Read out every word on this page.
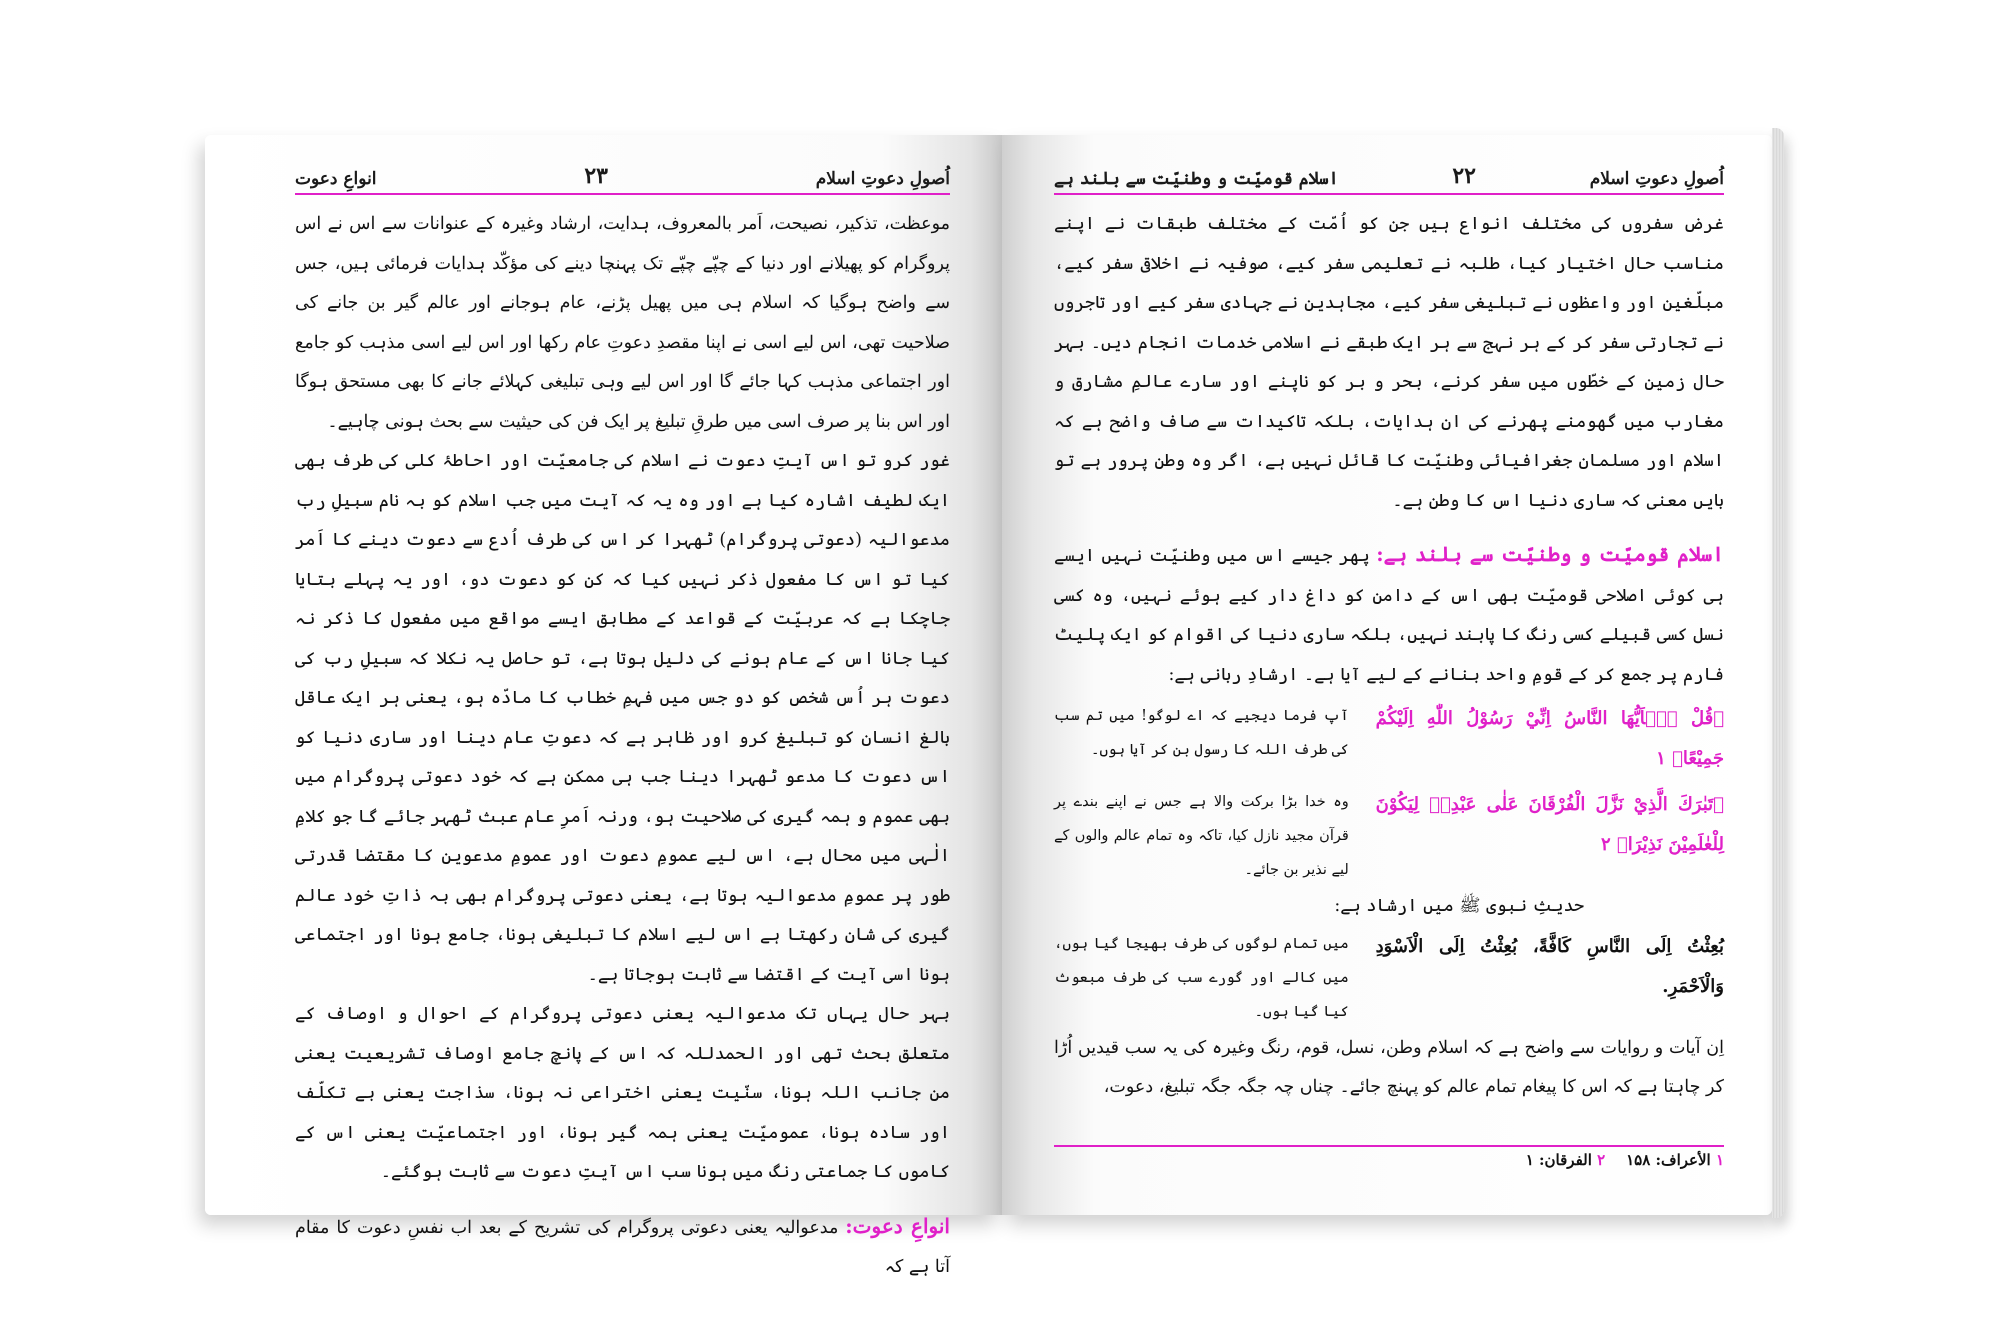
اُصولِ دعوتِ اسلام
۲۳
انواعِ دعوت

موعظت، تذکیر، نصیحت، اَمر بالمعروف، ہدایت، ارشاد وغیرہ کے عنوانات سے اس نے اس پروگرام کو پھیلانے اور دنیا کے چپّے چپّے تک پہنچا دینے کی مؤکّد ہدایات فرمائی ہیں، جس سے واضح ہوگیا کہ اسلام ہی میں پھیل پڑنے، عام ہوجانے اور عالم گیر بن جانے کی صلاحیت تھی، اس لیے اسی نے اپنا مقصدِ دعوتِ عام رکھا اور اس لیے اسی مذہب کو جامع اور اجتماعی مذہب کہا جائے گا اور اس لیے وہی تبلیغی کہلائے جانے کا بھی مستحق ہوگا اور اس بنا پر صرف اسی میں طرقِ تبلیغ پر ایک فن کی حیثیت سے بحث ہونی چاہیے۔

غور کرو تو اس آیتِ دعوت نے اسلام کی جامعیّت اور احاطۂ کلی کی طرف بھی ایک لطیف اشارہ کیا ہے اور وہ یہ کہ آیت میں جب اسلام کو بہ نام سبیلِ رب مدعوالیہ (دعوتی پروگرام) ٹھہرا کر اس کی طرف اُدع سے دعوت دینے کا اَمر کیا تو اس کا مفعول ذکر نہیں کیا کہ کن کو دعوت دو، اور یہ پہلے بتایا جاچکا ہے کہ عربیّت کے قواعد کے مطابق ایسے مواقع میں مفعول کا ذکر نہ کیا جانا اس کے عام ہونے کی دلیل ہوتا ہے، تو حاصل یہ نکلا کہ سبیلِ رب کی دعوت ہر اُس شخص کو دو جس میں فہمِ خطاب کا مادّہ ہو، یعنی ہر ایک عاقل بالغ انسان کو تبلیغ کرو اور ظاہر ہے کہ دعوتِ عام دینا اور ساری دنیا کو اس دعوت کا مدعو ٹھہرا دینا جب ہی ممکن ہے کہ خود دعوتی پروگرام میں بھی عموم و ہمہ گیری کی صلاحیت ہو، ورنہ اَمرِ عام عبث ٹھہر جائے گا جو کلامِ الٰہی میں محال ہے، اس لیے عمومِ دعوت اور عمومِ مدعوین کا مقتضا قدرتی طور پر عمومِ مدعوالیہ ہوتا ہے، یعنی دعوتی پروگرام بھی بہ ذاتِ خود عالم گیری کی شان رکھتا ہے اس لیے اسلام کا تبلیغی ہونا، جامع ہونا اور اجتماعی ہونا اسی آیت کے اقتضا سے ثابت ہوجاتا ہے۔

بہر حال یہاں تک مدعوالیہ یعنی دعوتی پروگرام کے احوال و اوصاف کے متعلق بحث تھی اور الحمدللہ کہ اس کے پانچ جامع اوصاف تشریعیت یعنی من جانب اللہ ہونا، سنّیت یعنی اختراعی نہ ہونا، سذاجت یعنی بے تکلّف اور سادہ ہونا، عمومیّت یعنی ہمہ گیر ہونا، اور اجتماعیّت یعنی اس کے کاموں کا جماعتی رنگ میں ہونا سب اس آیتِ دعوت سے ثابت ہوگئے۔

انواعِ دعوت: مدعوالیہ یعنی دعوتی پروگرام کی تشریح کے بعد اب نفسِ دعوت کا مقام آتا ہے کہ

اُصولِ دعوتِ اسلام
۲۲
اسلام قومیّت و وطنیّت سے بلند ہے

غرض سفروں کی مختلف انواع ہیں جن کو اُمّت کے مختلف طبقات نے اپنے مناسب حال اختیار کیا، طلبہ نے تعلیمی سفر کیے، صوفیہ نے اخلاقی سفر کیے، مبلّغین اور واعظوں نے تبلیغی سفر کیے، مجاہدین نے جہادی سفر کیے اور تاجروں نے تجارتی سفر کر کے ہر نہج سے ہر ایک طبقے نے اسلامی خدمات انجام دیں۔ بہر حال زمین کے خطّوں میں سفر کرنے، بحر و بر کو ناپنے اور سارے عالمِ مشارق و مغارب میں گھومنے پھرنے کی ان ہدایات، بلکہ تاکیدات سے صاف واضح ہے کہ اسلام اور مسلمان جغرافیائی وطنیّت کا قائل نہیں ہے، اگر وہ وطن پرور ہے تو بایں معنی کہ ساری دنیا اس کا وطن ہے۔

اسلام قومیّت و وطنیّت سے بلند ہے: پھر جیسے اس میں وطنیّت نہیں ایسے ہی کوئی اصلاحی قومیّت بھی اس کے دامن کو داغ دار کیے ہوئے نہیں، وہ کسی نسل کسی قبیلے کسی رنگ کا پابند نہیں، بلکہ ساری دنیا کی اقوام کو ایک پلیٹ فارم پر جمع کر کے قومِ واحد بنانے کے لیے آیا ہے۔ ارشادِ ربانی ہے:

﴿قُلْ يٰۤاَيُّهَا النَّاسُ اِنِّيْ رَسُوْلُ اللّٰهِ اِلَيْكُمْ جَمِيْعًا﴾ ۱
آپ فرما دیجیے کہ اے لوگو! میں تم سب کی طرف اللہ کا رسول بن کر آیا ہوں۔
﴿تَبٰرَكَ الَّذِيْ نَزَّلَ الْفُرْقَانَ عَلٰى عَبْدِهٖ لِيَكُوْنَ لِلْعٰلَمِيْنَ نَذِيْرَا﴾ ۲
وہ خدا بڑا برکت والا ہے جس نے اپنے بندے پر قرآن مجید نازل کیا، تاکہ وہ تمام عالم والوں کے لیے نذیر بن جائے۔

حدیثِ نبوی ﷺ میں ارشاد ہے:

بُعِثْتُ اِلَى النَّاسِ كَافَّةً، بُعِثْتُ اِلَى الْاَسْوَدِ وَالْاَحْمَرِ.
میں تمام لوگوں کی طرف بھیجا گیا ہوں، میں کالے اور گورے سب کی طرف مبعوث کیا گیا ہوں۔

اِن آیات و روایات سے واضح ہے کہ اسلام وطن، نسل، قوم، رنگ وغیرہ کی یہ سب قیدیں اُڑا کر چاہتا ہے کہ اس کا پیغام تمام عالم کو پہنچ جائے۔ چناں چہ جگہ جگہ تبلیغ، دعوت،

۱ الأعراف: ۱۵۸    ۲ الفرقان: ۱
